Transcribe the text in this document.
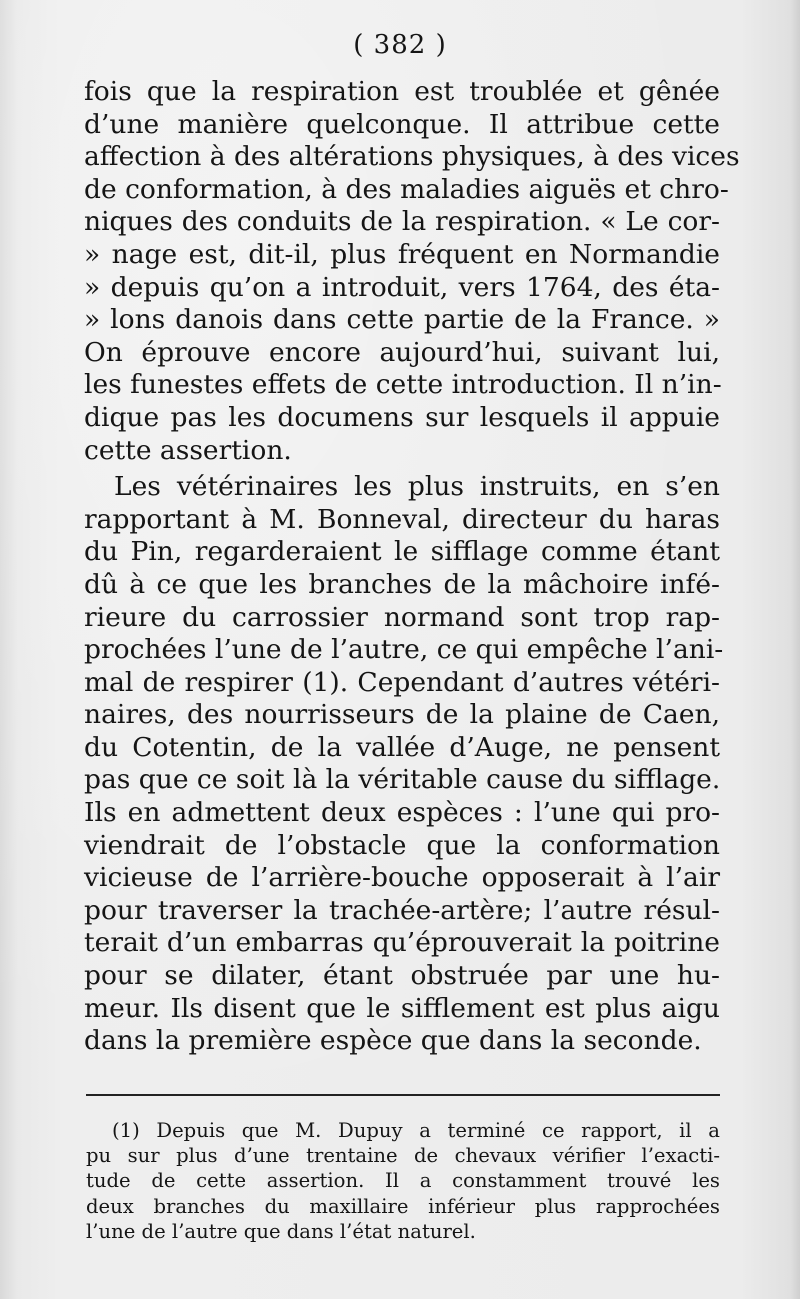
( 382 )
fois que la respiration est troublée et gênée
d’une manière quelconque. Il attribue cette
affection à des altérations physiques, à des vices
de conformation, à des maladies aiguës et chro-
niques des conduits de la respiration. « Le cor-
» nage est, dit-il, plus fréquent en Normandie
» depuis qu’on a introduit, vers 1764, des éta-
» lons danois dans cette partie de la France. »
On éprouve encore aujourd’hui, suivant lui,
les funestes effets de cette introduction. Il n’in-
dique pas les documens sur lesquels il appuie
cette assertion.
Les vétérinaires les plus instruits, en s’en
rapportant à M. Bonneval, directeur du haras
du Pin, regarderaient le sifflage comme étant
dû à ce que les branches de la mâchoire infé-
rieure du carrossier normand sont trop rap-
prochées l’une de l’autre, ce qui empêche l’ani-
mal de respirer (1). Cependant d’autres vétéri-
naires, des nourrisseurs de la plaine de Caen,
du Cotentin, de la vallée d’Auge, ne pensent
pas que ce soit là la véritable cause du sifflage.
Ils en admettent deux espèces : l’une qui pro-
viendrait de l’obstacle que la conformation
vicieuse de l’arrière-bouche opposerait à l’air
pour traverser la trachée-artère; l’autre résul-
terait d’un embarras qu’éprouverait la poitrine
pour se dilater, étant obstruée par une hu-
meur. Ils disent que le sifflement est plus aigu
dans la première espèce que dans la seconde.
(1) Depuis que M. Dupuy a terminé ce rapport, il a
pu sur plus d’une trentaine de chevaux vérifier l’exacti-
tude de cette assertion. Il a constamment trouvé les
deux branches du maxillaire inférieur plus rapprochées
l’une de l’autre que dans l’état naturel.
